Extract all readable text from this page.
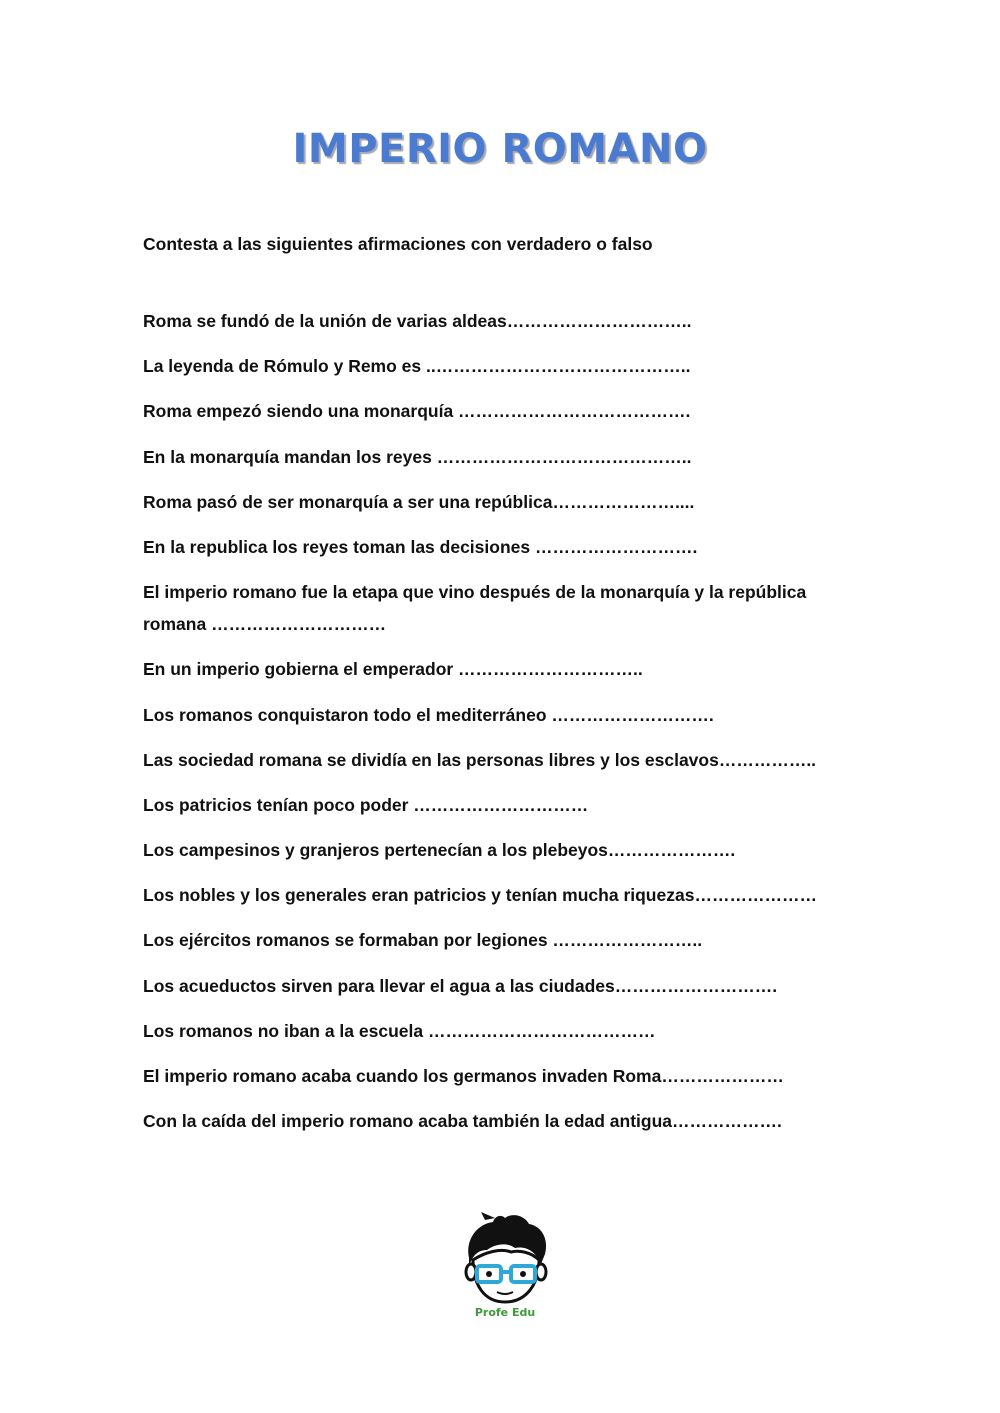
IMPERIO ROMANO

Contesta a las siguientes afirmaciones con verdadero o falso

Roma se fundó de la unión de varias aldeas…………………………..
La leyenda de Rómulo y Remo es ..……………………………………..
Roma empezó siendo una monarquía ………………………………….
En la monarquía mandan los reyes ……………………………………..
Roma pasó de ser monarquía a ser una república…………………....
En la republica los reyes toman las decisiones ……………………….
El imperio romano fue la etapa que vino después de la monarquía y la república romana …………………………
En un imperio gobierna el emperador …………………………..
Los romanos conquistaron todo el mediterráneo ……………………….
Las sociedad romana se dividía en las personas libres y los esclavos……………..
Los patricios tenían poco poder …………………………
Los campesinos y granjeros pertenecían a los plebeyos………………….
Los nobles y los generales eran patricios y tenían mucha riquezas…………………
Los ejércitos romanos se formaban por legiones ……………………..
Los acueductos sirven para llevar el agua a las ciudades……………………….
Los romanos no iban a la escuela …………………………………
El imperio romano acaba cuando los germanos invaden Roma…………………
Con la caída del imperio romano acaba también la edad antigua……………….
Profe Edu
